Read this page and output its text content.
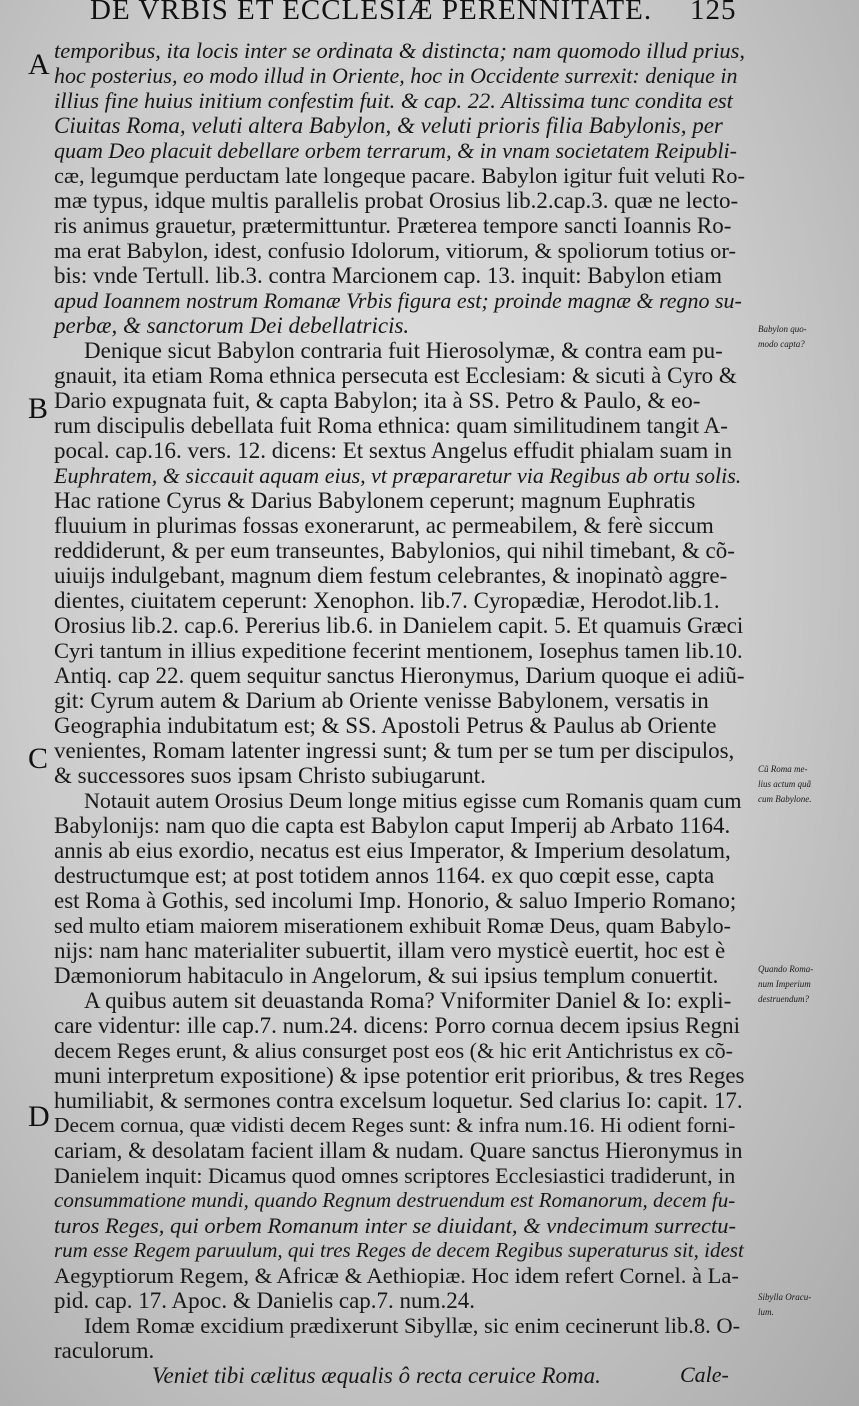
DE VRBIS ET ECCLESIÆ PERENNITATE. 125
A
B
C
D
temporibus, ita locis inter se ordinata & distincta; nam quomodo illud prius,
hoc posterius, eo modo illud in Oriente, hoc in Occidente surrexit: denique in
illius fine huius initium confestim fuit. & cap. 22. Altissima tunc condita est
Ciuitas Roma, veluti altera Babylon, & veluti prioris filia Babylonis, per
quam Deo placuit debellare orbem terrarum, & in vnam societatem Reipubli-
cæ, legumque perductam late longeque pacare. Babylon igitur fuit veluti Ro-
mæ typus, idque multis parallelis probat Orosius lib.2.cap.3. quæ ne lecto-
ris animus grauetur, prætermittuntur. Præterea tempore sancti Ioannis Ro-
ma erat Babylon, idest, confusio Idolorum, vitiorum, & spoliorum totius or-
bis: vnde Tertull. lib.3. contra Marcionem cap. 13. inquit: Babylon etiam
apud Ioannem nostrum Romanæ Vrbis figura est; proinde magnæ & regno su-
perbæ, & sanctorum Dei debellatricis.
Denique sicut Babylon contraria fuit Hierosolymæ, & contra eam pu-
gnauit, ita etiam Roma ethnica persecuta est Ecclesiam: & sicuti à Cyro &
Dario expugnata fuit, & capta Babylon; ita à SS. Petro & Paulo, & eo-
rum discipulis debellata fuit Roma ethnica: quam similitudinem tangit A-
pocal. cap.16. vers. 12. dicens: Et sextus Angelus effudit phialam suam in
Euphratem, & siccauit aquam eius, vt præpararetur via Regibus ab ortu solis.
Hac ratione Cyrus & Darius Babylonem ceperunt; magnum Euphratis
fluuium in plurimas fossas exonerarunt, ac permeabilem, & ferè siccum
reddiderunt, & per eum transeuntes, Babylonios, qui nihil timebant, & cõ-
uiuijs indulgebant, magnum diem festum celebrantes, & inopinatò aggre-
dientes, ciuitatem ceperunt: Xenophon. lib.7. Cyropædiæ, Herodot.lib.1.
Orosius lib.2. cap.6. Pererius lib.6. in Danielem capit. 5. Et quamuis Græci
Cyri tantum in illius expeditione fecerint mentionem, Iosephus tamen lib.10.
Antiq. cap 22. quem sequitur sanctus Hieronymus, Darium quoque ei adiũ-
git: Cyrum autem & Darium ab Oriente venisse Babylonem, versatis in
Geographia indubitatum est; & SS. Apostoli Petrus & Paulus ab Oriente
venientes, Romam latenter ingressi sunt; & tum per se tum per discipulos,
& successores suos ipsam Christo subiugarunt.
Notauit autem Orosius Deum longe mitius egisse cum Romanis quam cum
Babylonijs: nam quo die capta est Babylon caput Imperij ab Arbato 1164.
annis ab eius exordio, necatus est eius Imperator, & Imperium desolatum,
destructumque est; at post totidem annos 1164. ex quo cœpit esse, capta
est Roma à Gothis, sed incolumi Imp. Honorio, & saluo Imperio Romano;
sed multo etiam maiorem miserationem exhibuit Romæ Deus, quam Babylo-
nijs: nam hanc materialiter subuertit, illam vero mysticè euertit, hoc est è
Dæmoniorum habitaculo in Angelorum, & sui ipsius templum conuertit.
A quibus autem sit deuastanda Roma? Vniformiter Daniel & Io: expli-
care videntur: ille cap.7. num.24. dicens: Porro cornua decem ipsius Regni
decem Reges erunt, & alius consurget post eos (& hic erit Antichristus ex cõ-
muni interpretum expositione) & ipse potentior erit prioribus, & tres Reges
humiliabit, & sermones contra excelsum loquetur. Sed clarius Io: capit. 17.
Decem cornua, quæ vidisti decem Reges sunt: & infra num.16. Hi odient forni-
cariam, & desolatam facient illam & nudam. Quare sanctus Hieronymus in
Danielem inquit: Dicamus quod omnes scriptores Ecclesiastici tradiderunt, in
consummatione mundi, quando Regnum destruendum est Romanorum, decem fu-
turos Reges, qui orbem Romanum inter se diuidant, & vndecimum surrectu-
rum esse Regem paruulum, qui tres Reges de decem Regibus superaturus sit, idest
Aegyptiorum Regem, & Africæ & Aethiopiæ. Hoc idem refert Cornel. à La-
pid. cap. 17. Apoc. & Danielis cap.7. num.24.
Idem Romæ excidium prædixerunt Sibyllæ, sic enim cecinerunt lib.8. O-
raculorum.
Veniet tibi cælitus æqualis ô recta ceruice Roma.
Babylon quo-
modo capta?
Cũ Roma me-
lius actum quã
cum Babylone.
Quando Roma-
num Imperium
destruendum?
Sibylla Oracu-
lum.
Cale-
